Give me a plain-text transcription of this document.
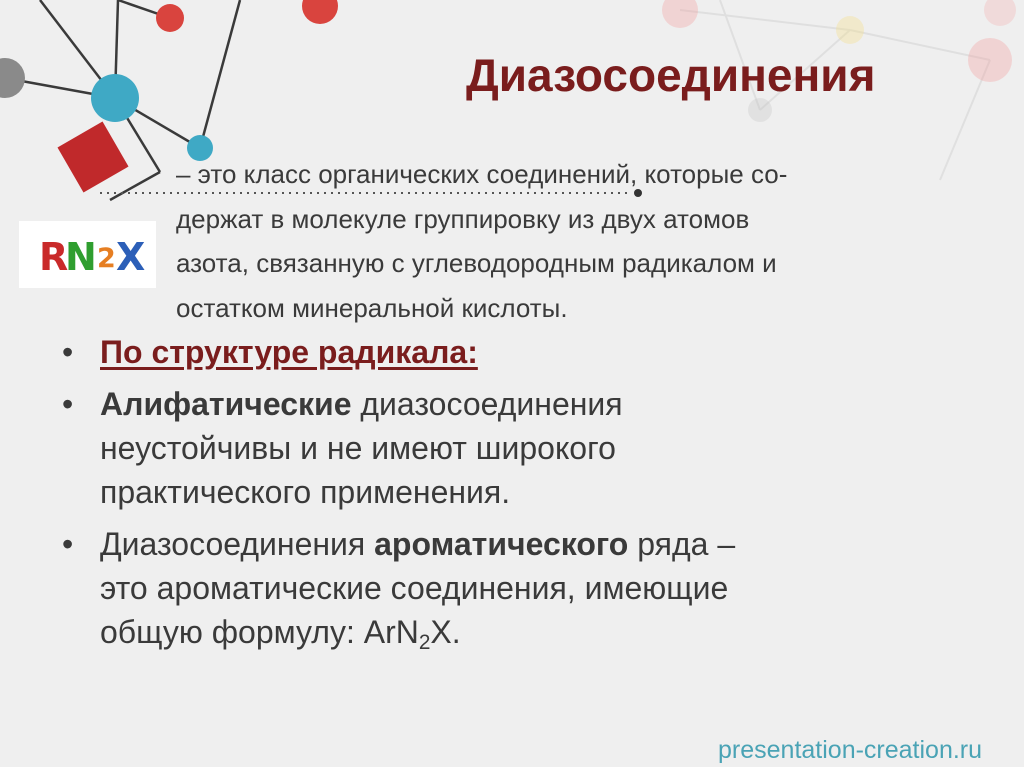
Диазосоединения
R
N 2 X
– это класс органических соединений, которые со-
держат в молекуле группировку из двух атомов
азота, связанную с углеводородным радикалом и
остатком минеральной кислоты.
• По структуре радикала:
• Алифатические диазосоединения
неустойчивы и не имеют широкого
практического применения.
• Диазосоединения ароматического ряда –
это ароматические соединения, имеющие
общую формулу: ArN$_2$X.
presentation-creation.ru
